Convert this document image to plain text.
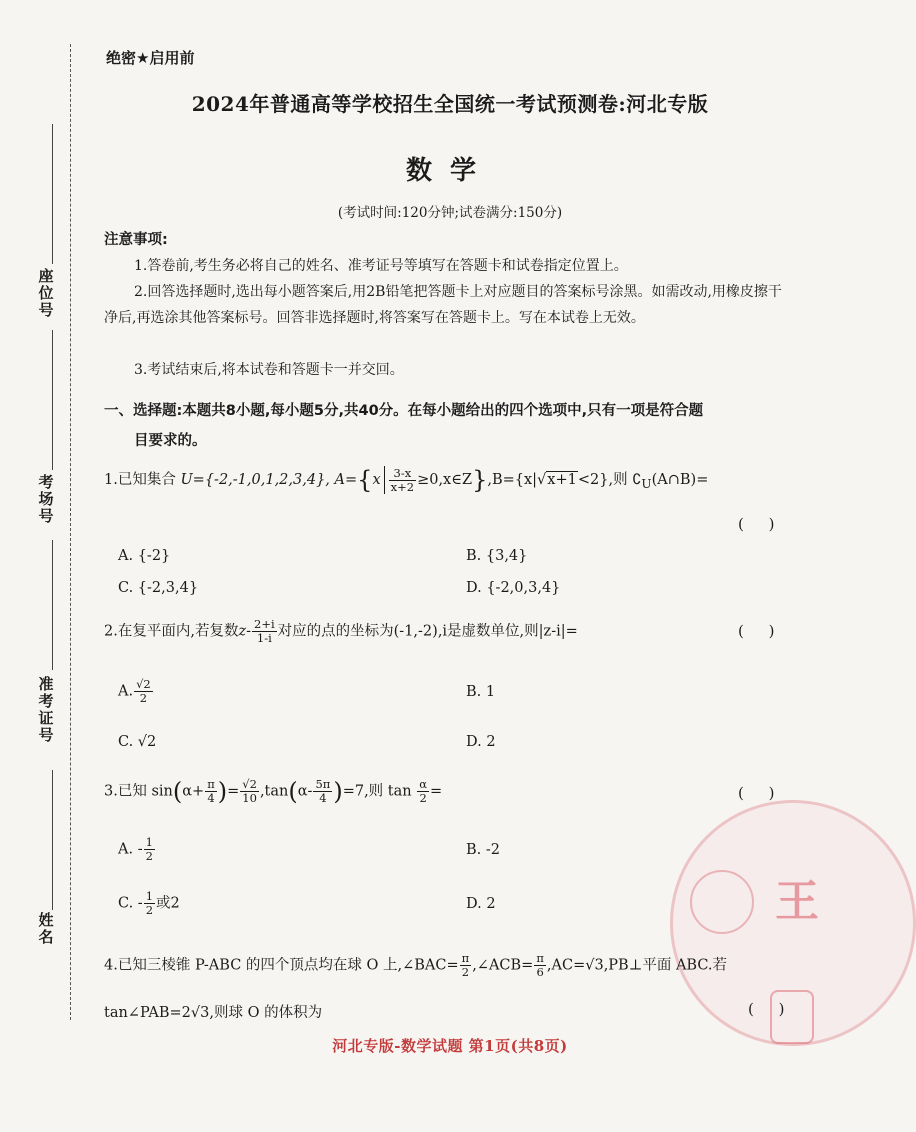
王
座位号
考场号
准考证号
姓名
绝密★启用前
2024年普通高等学校招生全国统一考试预测卷:河北专版
数学
(考试时间:120分钟;试卷满分:150分)
注意事项:
1.答卷前,考生务必将自己的姓名、准考证号等填写在答题卡和试卷指定位置上。
2.回答选择题时,选出每小题答案后,用2B铅笔把答题卡上对应题目的答案标号涂黑。如需改动,用橡皮擦干净后,再选涂其他答案标号。回答非选择题时,将答案写在答题卡上。写在本试卷上无效。
3.考试结束后,将本试卷和答题卡一并交回。
一、选择题:本题共8小题,每小题5分,共40分。在每小题给出的四个选项中,只有一项是符合题
目要求的。
1.已知集合 U={-2,-1,0,1,2,3,4}, $A=\{x \frac{3-x}{x+2}$ ≥0,x∈Z},B={x|√x+1<2},则 $∁_U(A\cap B)=$
( )
A. {-2}	B. {3,4}
C. {-2,3,4}	D. {-2,0,3,4}
2.在复平面内,若复数$z- \frac{2+i}{1-i}$ 对应的点的坐标为(-1,-2),i是虚数单位,则|z-i|=	( )
A. $\frac{√2}{2}$	B. 1
C. √2	D. 2
3.已知 $\sin(\alpha+ \frac{\pi}{4}$ )= $\frac{√2}{10} ,\tan(\alpha- \frac{5\pi}{4} )=7$,则 $\tan \frac{\alpha}{2}$ =	( )
A. - $\frac{1}{2}$	B. -2
C. - $\frac{1}{2}$ 或2	D. 2
4.已知三棱锥 P-ABC 的四个顶点均在球 O 上,∠BAC= $\frac{\pi}{2}$ ,∠ACB= $\frac{\pi}{6}$ ,AC=√3,PB⊥平面 ABC.若
tan∠PAB=2√3,则球 O 的体积为	( )
河北专版-数学试题 第1页(共8页)
